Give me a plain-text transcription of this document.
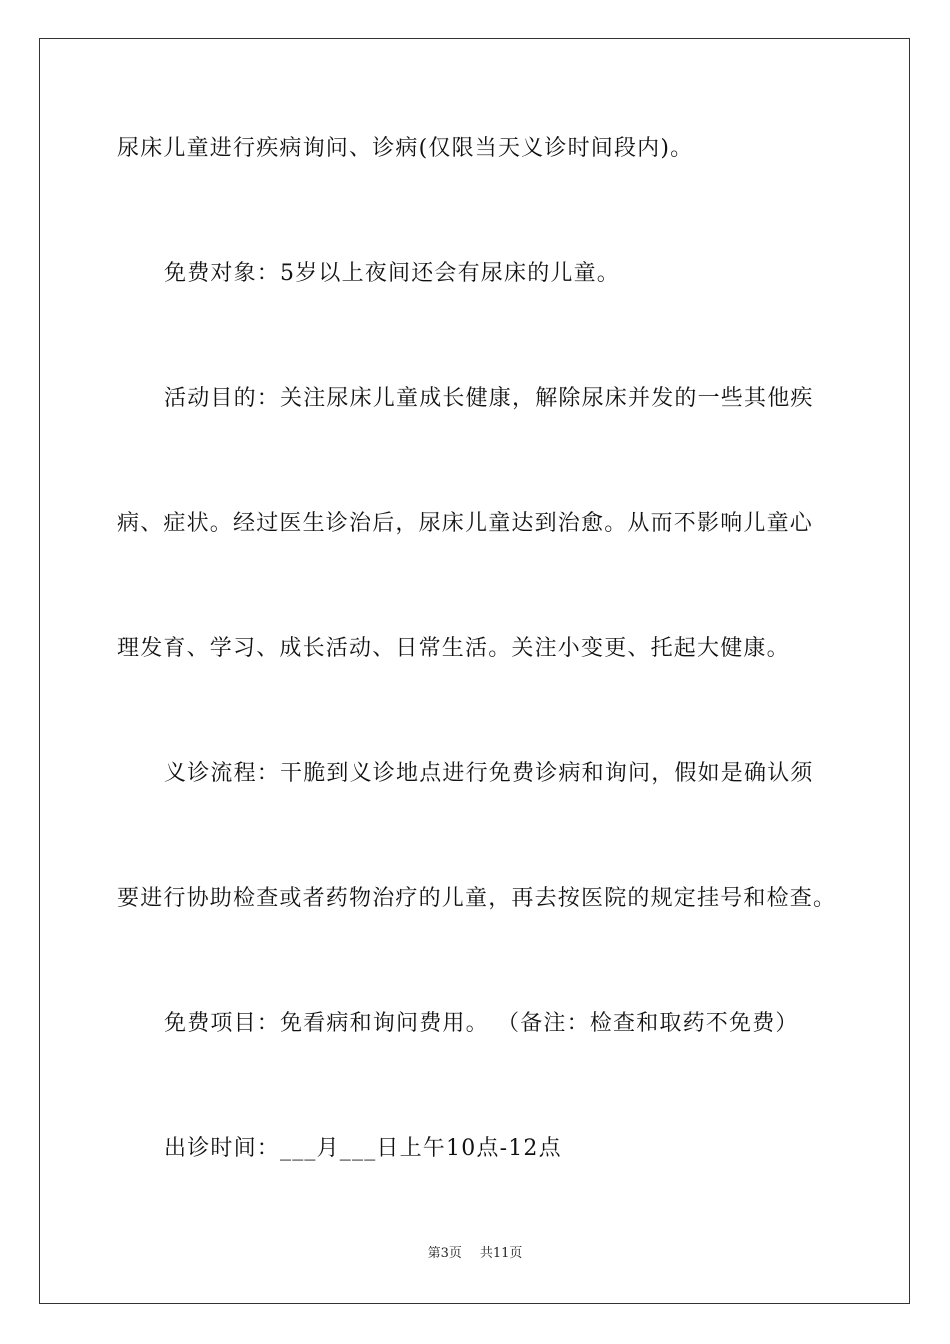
尿床儿童进行疾病询问、诊病(仅限当天义诊时间段内)。
免费对象：5岁以上夜间还会有尿床的儿童。
活动目的：关注尿床儿童成长健康，解除尿床并发的一些其他疾
病、症状。经过医生诊治后，尿床儿童达到治愈。从而不影响儿童心
理发育、学习、成长活动、日常生活。关注小变更、托起大健康。
义诊流程：干脆到义诊地点进行免费诊病和询问，假如是确认须
要进行协助检查或者药物治疗的儿童，再去按医院的规定挂号和检查。
免费项目：免看病和询问费用。 （备注：检查和取药不免费）
出诊时间：___月___日上午10点-12点
第3页 共11页
